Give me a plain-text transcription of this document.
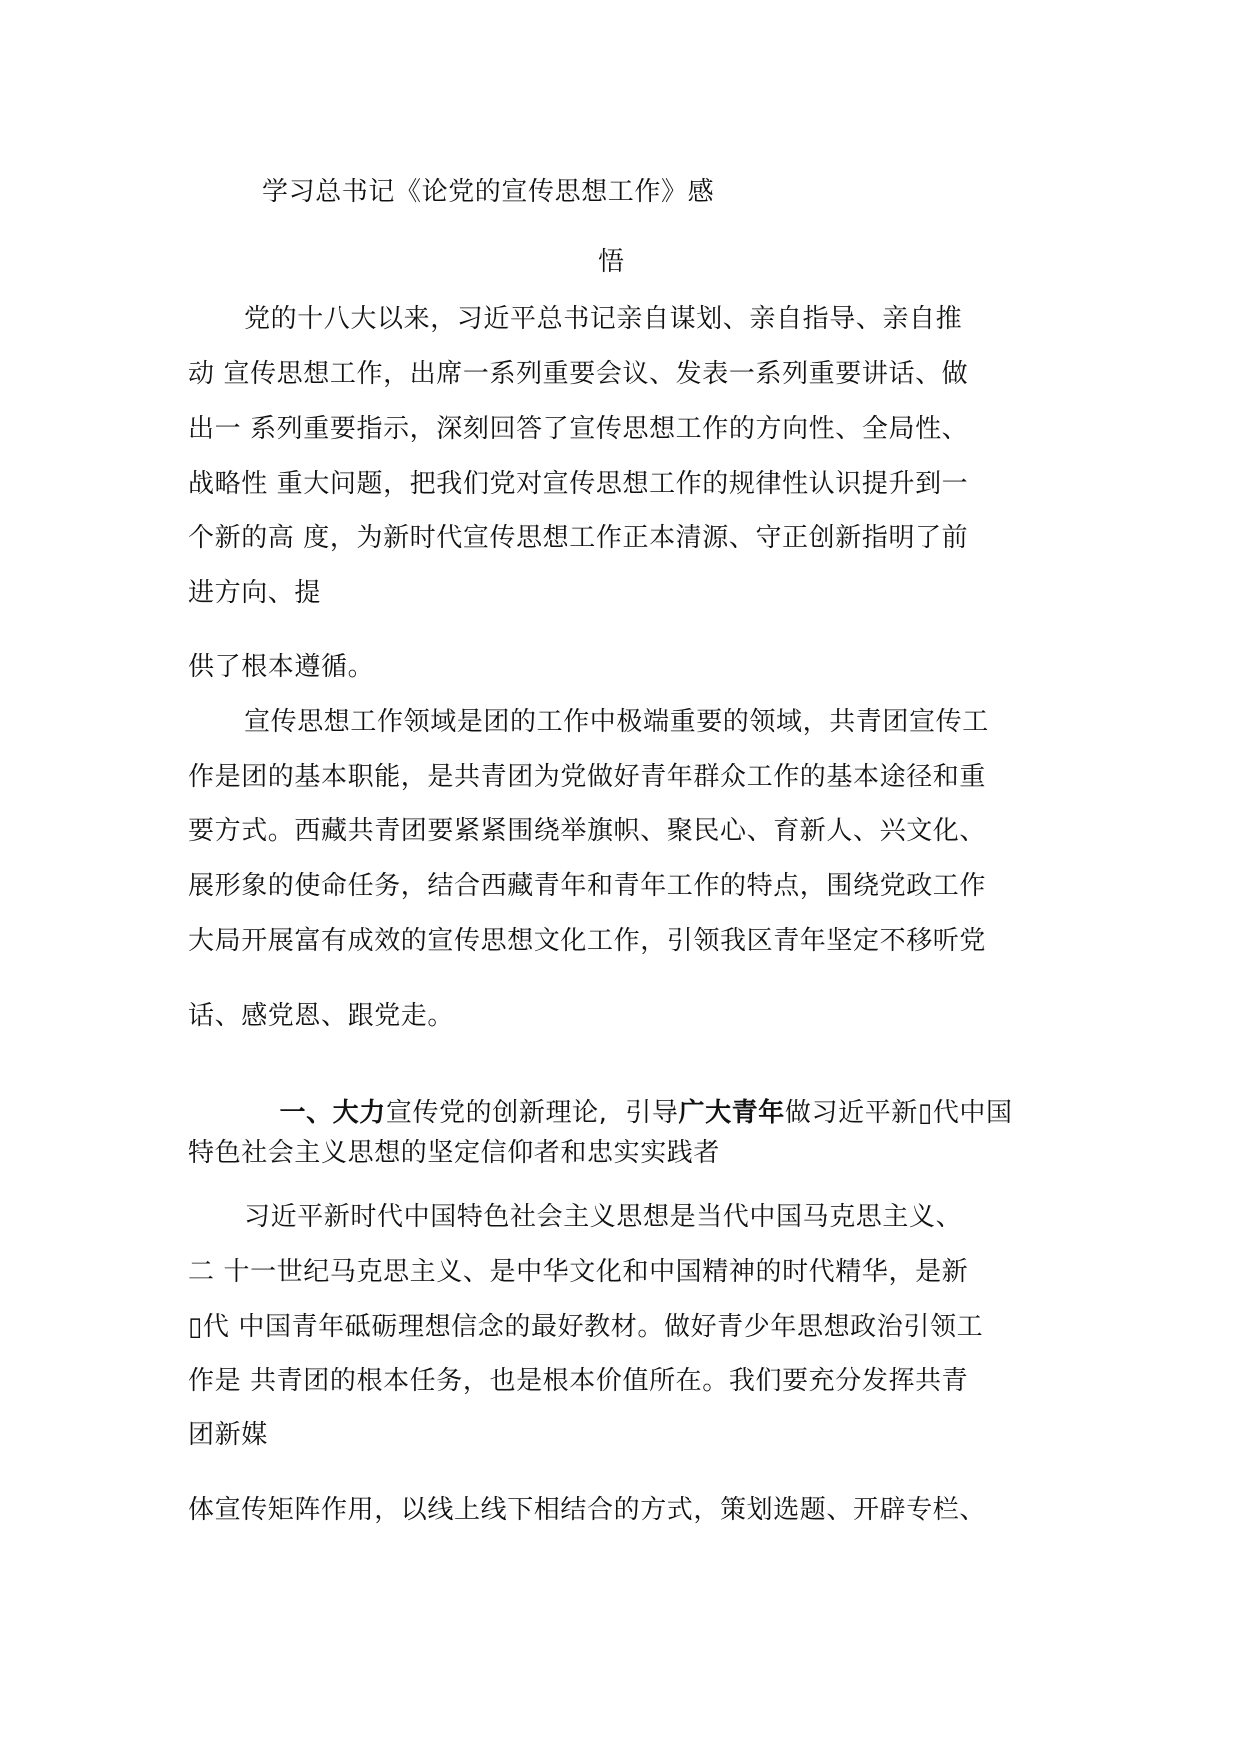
学习总书记《论党的宣传思想工作》感
悟
党的十八大以来，习近平总书记亲自谋划、亲自指导、亲自推
动 宣传思想工作，出席一系列重要会议、发表一系列重要讲话、做
出一 系列重要指示，深刻回答了宣传思想工作的方向性、全局性、
战略性 重大问题，把我们党对宣传思想工作的规律性认识提升到一
个新的高 度，为新时代宣传思想工作正本清源、守正创新指明了前
进方向、提
供了根本遵循。
宣传思想工作领域是团的工作中极端重要的领域，共青团宣传工
作是团的基本职能，是共青团为党做好青年群众工作的基本途径和重
要方式。西藏共青团要紧紧围绕举旗帜、聚民心、育新人、兴文化、
展形象的使命任务，结合西藏青年和青年工作的特点，围绕党政工作
大局开展富有成效的宣传思想文化工作，引领我区青年坚定不移听党
话、感党恩、跟党走。

一、大力宣传党的创新理论,  引导广大青年做习近平新▯代中国

特色社会主义思想的坚定信仰者和忠实实践者
习近平新时代中国特色社会主义思想是当代中国马克思主义、
二 十一世纪马克思主义、是中华文化和中国精神的时代精华，是新
▯代 中国青年砥砺理想信念的最好教材。做好青少年思想政治引领工
作是 共青团的根本任务，也是根本价值所在。我们要充分发挥共青
团新媒
体宣传矩阵作用，以线上线下相结合的方式，策划选题、开辟专栏、
